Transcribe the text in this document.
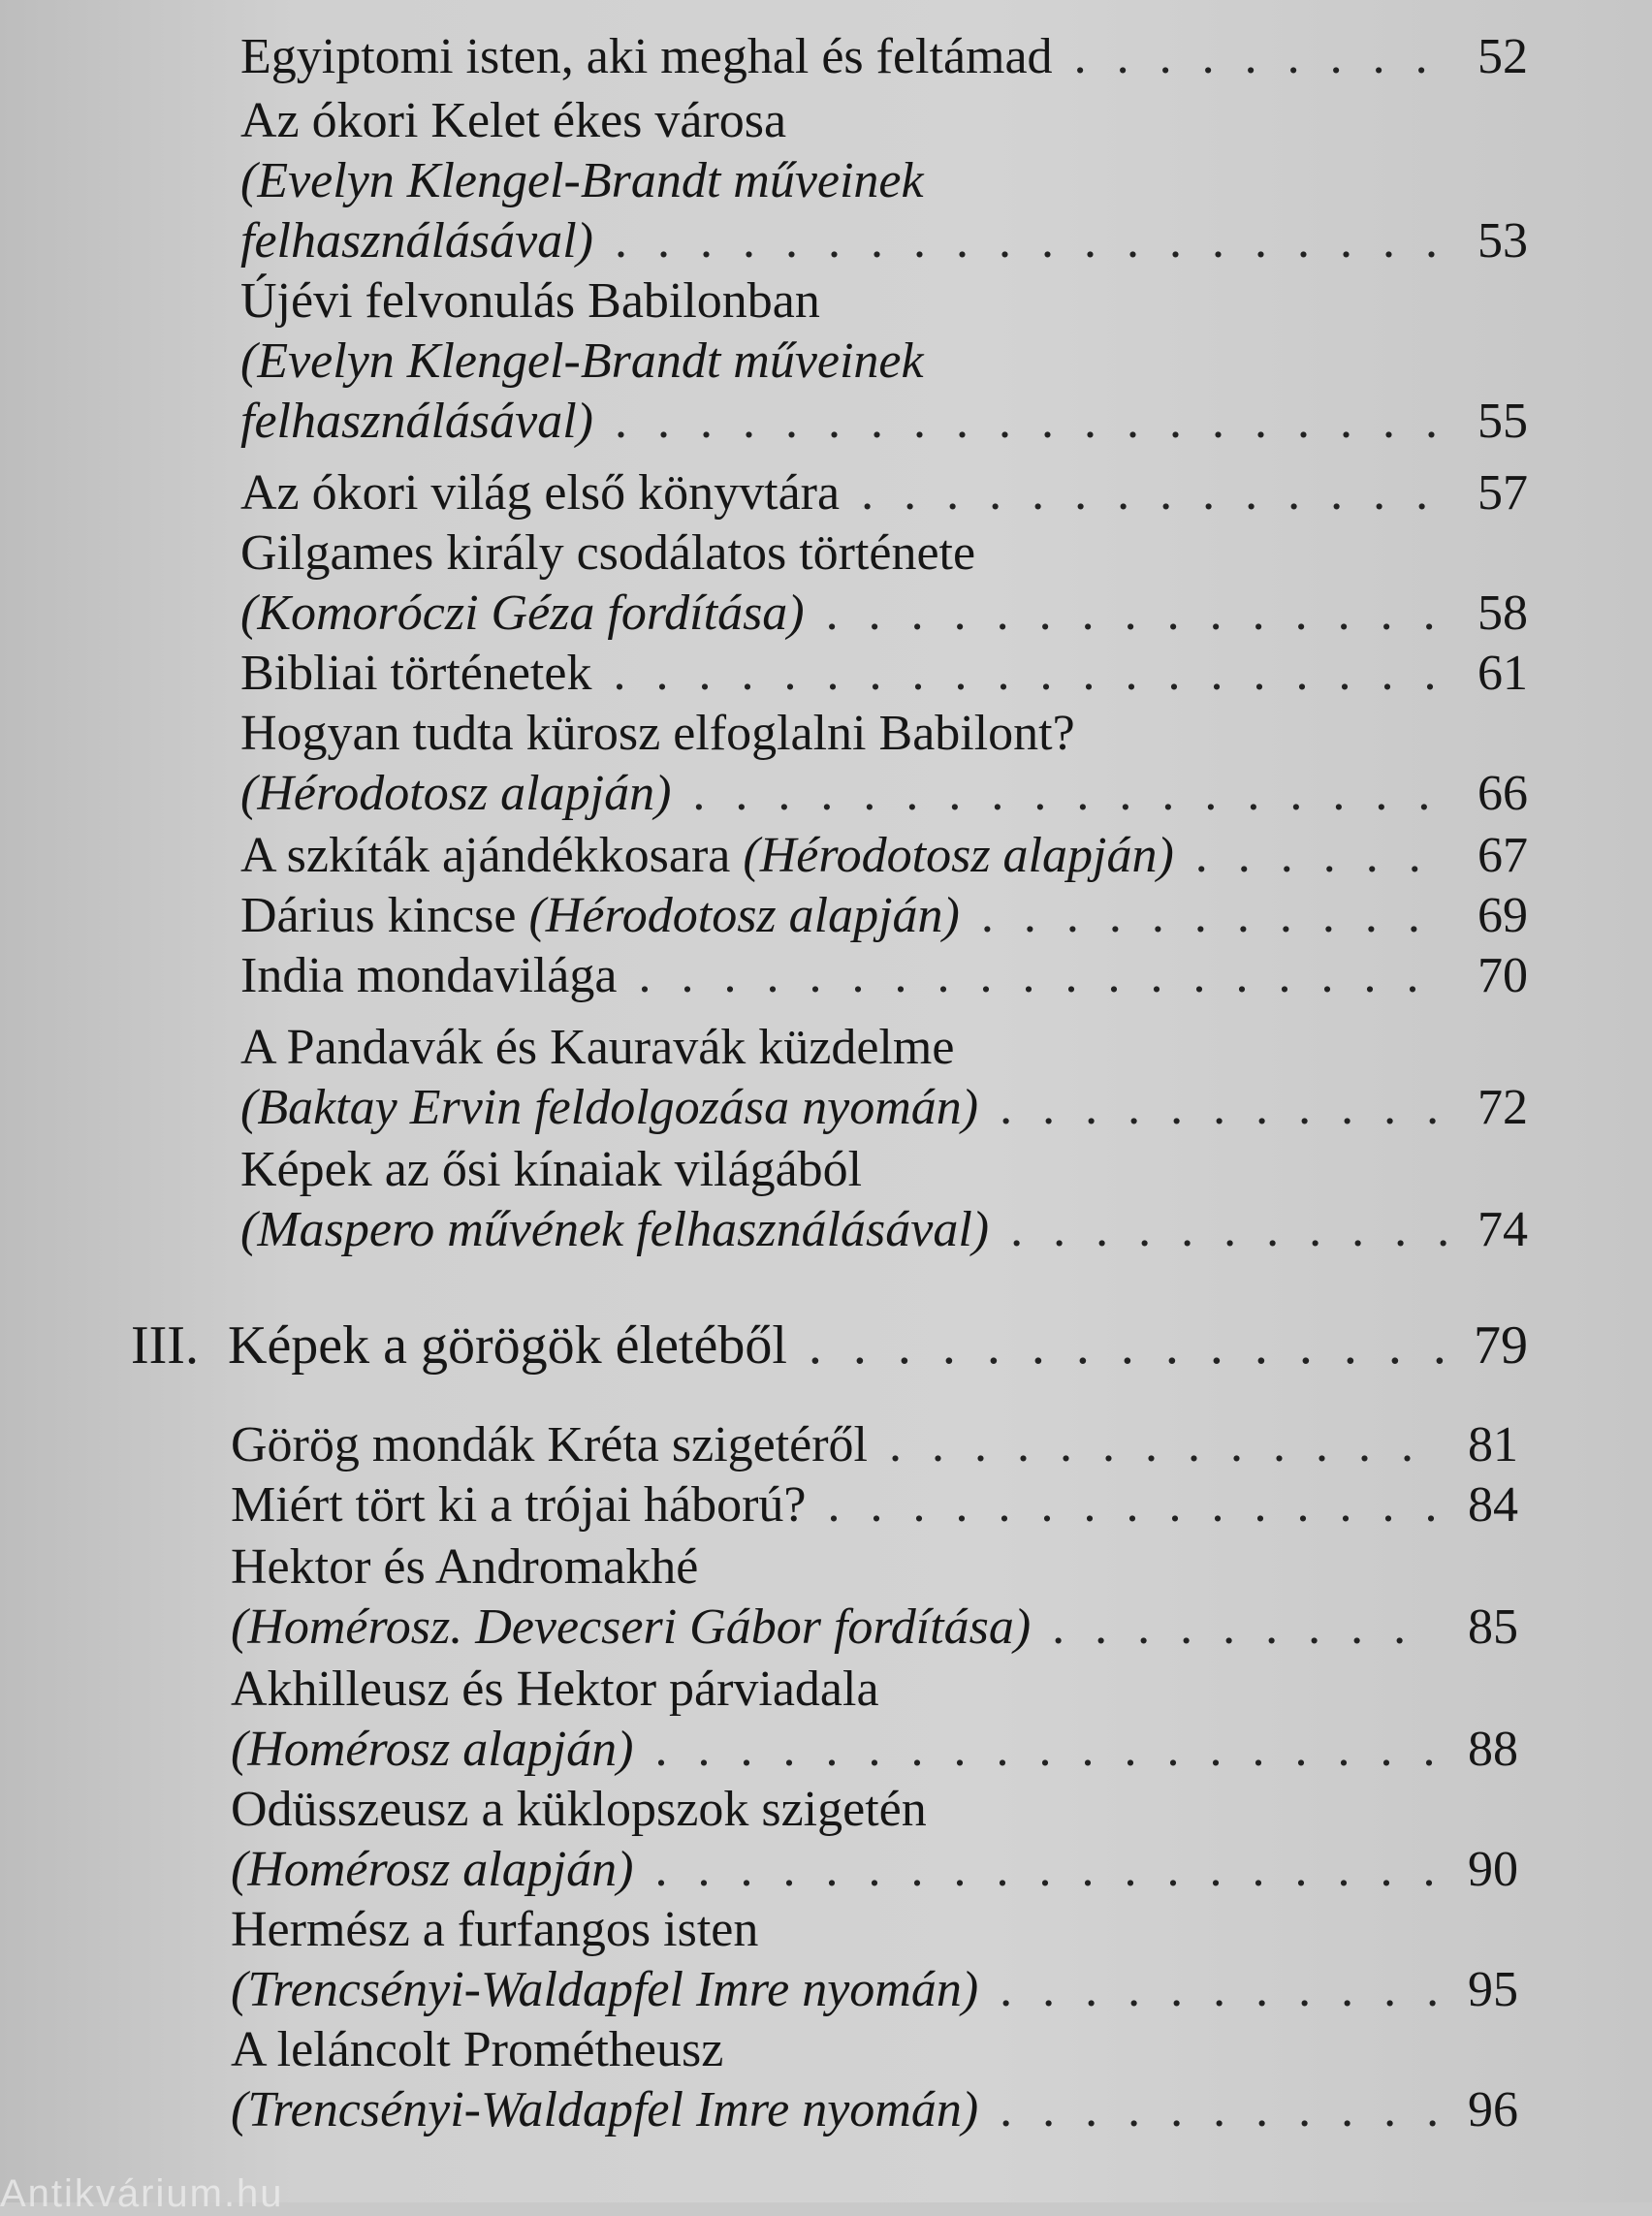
Egyiptomi isten, aki meghal és feltámad . . .	52
Az ókori Kelet ékes városa
(Evelyn Klengel-Brandt műveinek
felhasználásával) . . .	53
Újévi felvonulás Babilonban
(Evelyn Klengel-Brandt műveinek
felhasználásával) . . .	55
Az ókori világ első könyvtára . . .	57
Gilgames király csodálatos története
(Komoróczi Géza fordítása) . . .	58
Bibliai történetek . . .	61
Hogyan tudta kürosz elfoglalni Babilont?
(Hérodotosz alapján) . . .	66
A szkíták ajándékkosara
(Hérodotosz alapján) . . .	67
Dárius kincse
(Hérodotosz alapján) . . .	69
India mondavilága . . .	70
A Pandavák és Kauravák küzdelme
(Baktay Ervin feldolgozása nyomán) . . .	72
Képek az ősi kínaiak világából
(Maspero művének felhasználásával) . . .	74
III. Képek a görögök életéből . . .	79
Görög mondák Kréta szigetéről . . .	81
Miért tört ki a trójai háború? . . .	84
Hektor és Andromakhé
(Homérosz. Devecseri Gábor fordítása) . . .	85
Akhilleusz és Hektor párviadala
(Homérosz alapján) . . .	88
Odüsszeusz a küklopszok szigetén
(Homérosz alapján) . . .	90
Hermész a furfangos isten
(Trencsényi-Waldapfel Imre nyomán) . . .	95
A leláncolt Prométheusz
(Trencsényi-Waldapfel Imre nyomán) . . .	96
Antikvárium.hu
